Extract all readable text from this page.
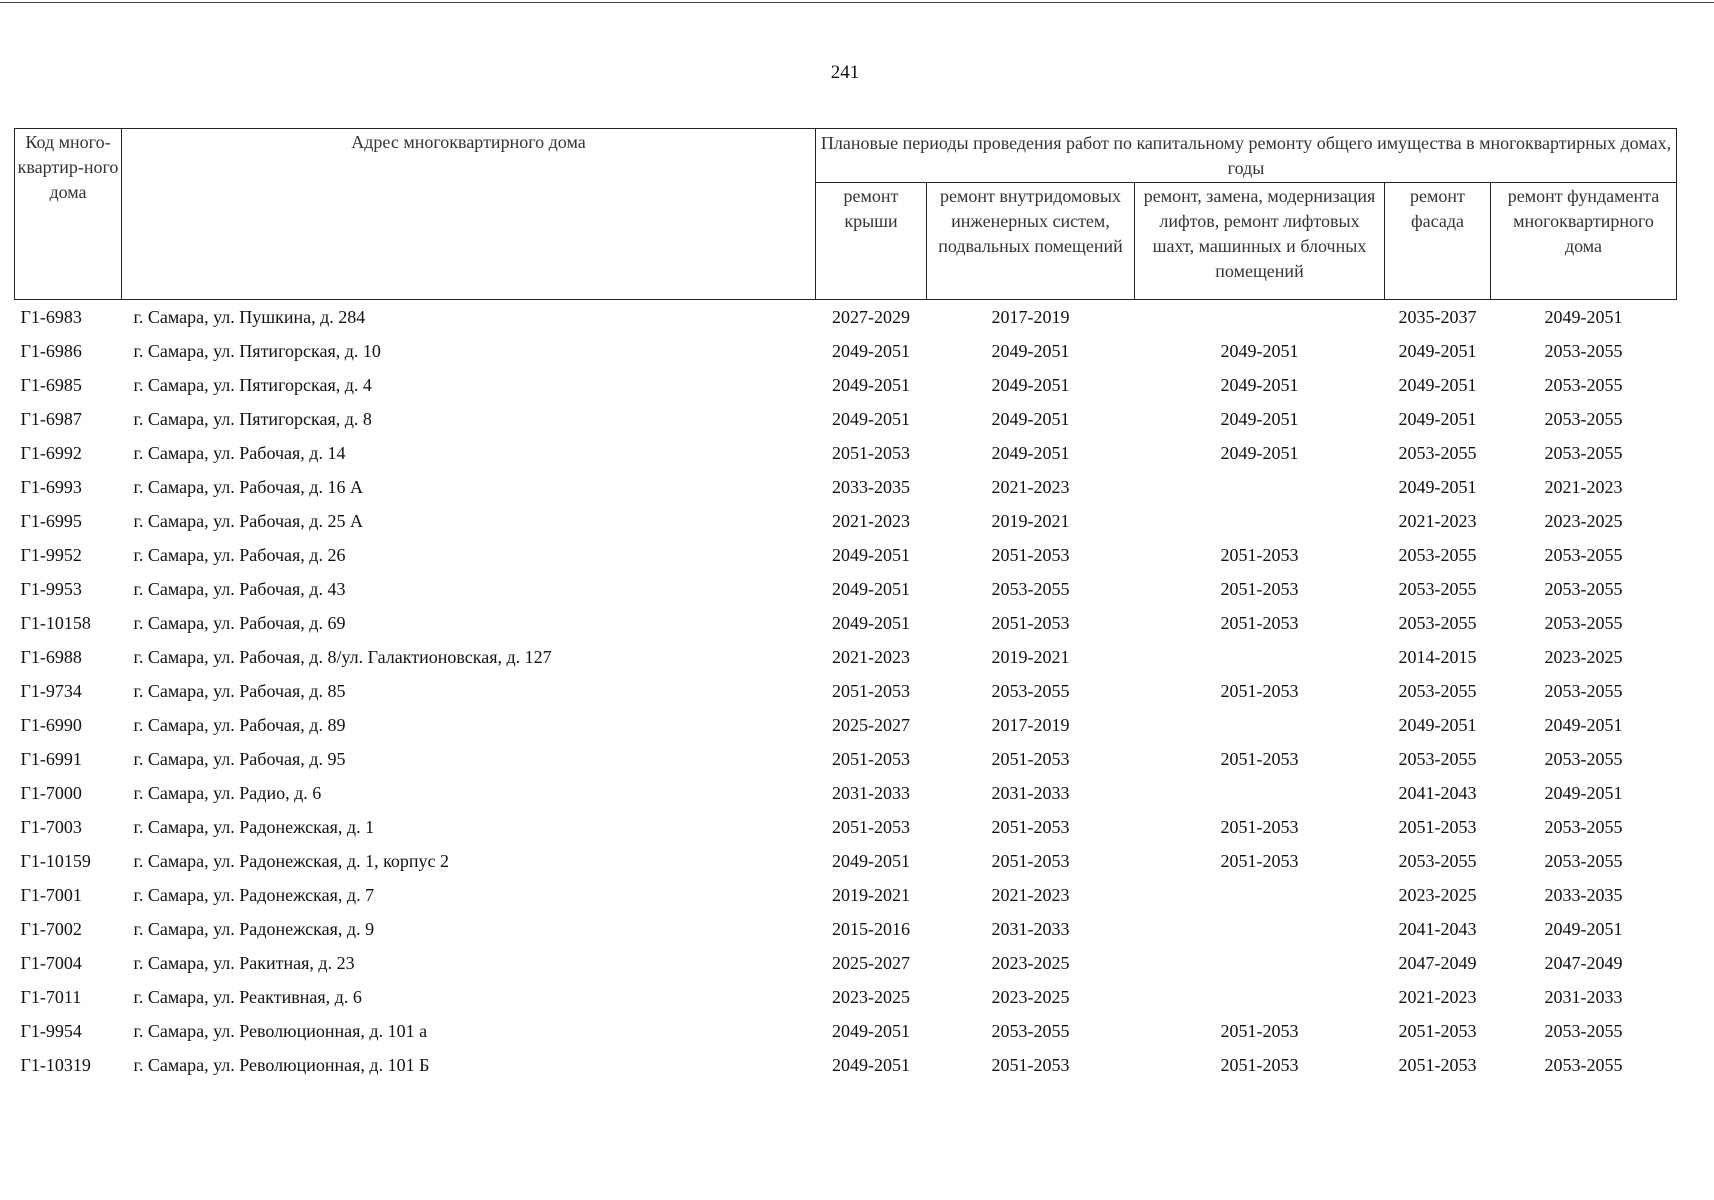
241
Код много-квартир-ного дома	Адрес многоквартирного дома	Плановые периоды проведения работ по капитальному ремонту общего имущества в многоквартирных домах, годы				
		ремонт крыши	ремонт внутридомовых инженерных систем, подвальных помещений	ремонт, замена, модернизация лифтов, ремонт лифтовых шахт, машинных и блочных помещений	ремонт фасада	ремонт фундамента многоквартирного дома
Г1-6983	г. Самара, ул. Пушкина, д. 284	2027-2029	2017-2019		2035-2037	2049-2051
Г1-6986	г. Самара, ул. Пятигорская, д. 10	2049-2051	2049-2051	2049-2051	2049-2051	2053-2055
Г1-6985	г. Самара, ул. Пятигорская, д. 4	2049-2051	2049-2051	2049-2051	2049-2051	2053-2055
Г1-6987	г. Самара, ул. Пятигорская, д. 8	2049-2051	2049-2051	2049-2051	2049-2051	2053-2055
Г1-6992	г. Самара, ул. Рабочая, д. 14	2051-2053	2049-2051	2049-2051	2053-2055	2053-2055
Г1-6993	г. Самара, ул. Рабочая, д. 16 А	2033-2035	2021-2023		2049-2051	2021-2023
Г1-6995	г. Самара, ул. Рабочая, д. 25 А	2021-2023	2019-2021		2021-2023	2023-2025
Г1-9952	г. Самара, ул. Рабочая, д. 26	2049-2051	2051-2053	2051-2053	2053-2055	2053-2055
Г1-9953	г. Самара, ул. Рабочая, д. 43	2049-2051	2053-2055	2051-2053	2053-2055	2053-2055
Г1-10158	г. Самара, ул. Рабочая, д. 69	2049-2051	2051-2053	2051-2053	2053-2055	2053-2055
Г1-6988	г. Самара, ул. Рабочая, д. 8/ул. Галактионовская, д. 127	2021-2023	2019-2021		2014-2015	2023-2025
Г1-9734	г. Самара, ул. Рабочая, д. 85	2051-2053	2053-2055	2051-2053	2053-2055	2053-2055
Г1-6990	г. Самара, ул. Рабочая, д. 89	2025-2027	2017-2019		2049-2051	2049-2051
Г1-6991	г. Самара, ул. Рабочая, д. 95	2051-2053	2051-2053	2051-2053	2053-2055	2053-2055
Г1-7000	г. Самара, ул. Радио, д. 6	2031-2033	2031-2033		2041-2043	2049-2051
Г1-7003	г. Самара, ул. Радонежская, д. 1	2051-2053	2051-2053	2051-2053	2051-2053	2053-2055
Г1-10159	г. Самара, ул. Радонежская, д. 1, корпус 2	2049-2051	2051-2053	2051-2053	2053-2055	2053-2055
Г1-7001	г. Самара, ул. Радонежская, д. 7	2019-2021	2021-2023		2023-2025	2033-2035
Г1-7002	г. Самара, ул. Радонежская, д. 9	2015-2016	2031-2033		2041-2043	2049-2051
Г1-7004	г. Самара, ул. Ракитная, д. 23	2025-2027	2023-2025		2047-2049	2047-2049
Г1-7011	г. Самара, ул. Реактивная, д. 6	2023-2025	2023-2025		2021-2023	2031-2033
Г1-9954	г. Самара, ул. Революционная, д. 101 а	2049-2051	2053-2055	2051-2053	2051-2053	2053-2055
Г1-10319	г. Самара, ул. Революционная, д. 101 Б	2049-2051	2051-2053	2051-2053	2051-2053	2053-2055
